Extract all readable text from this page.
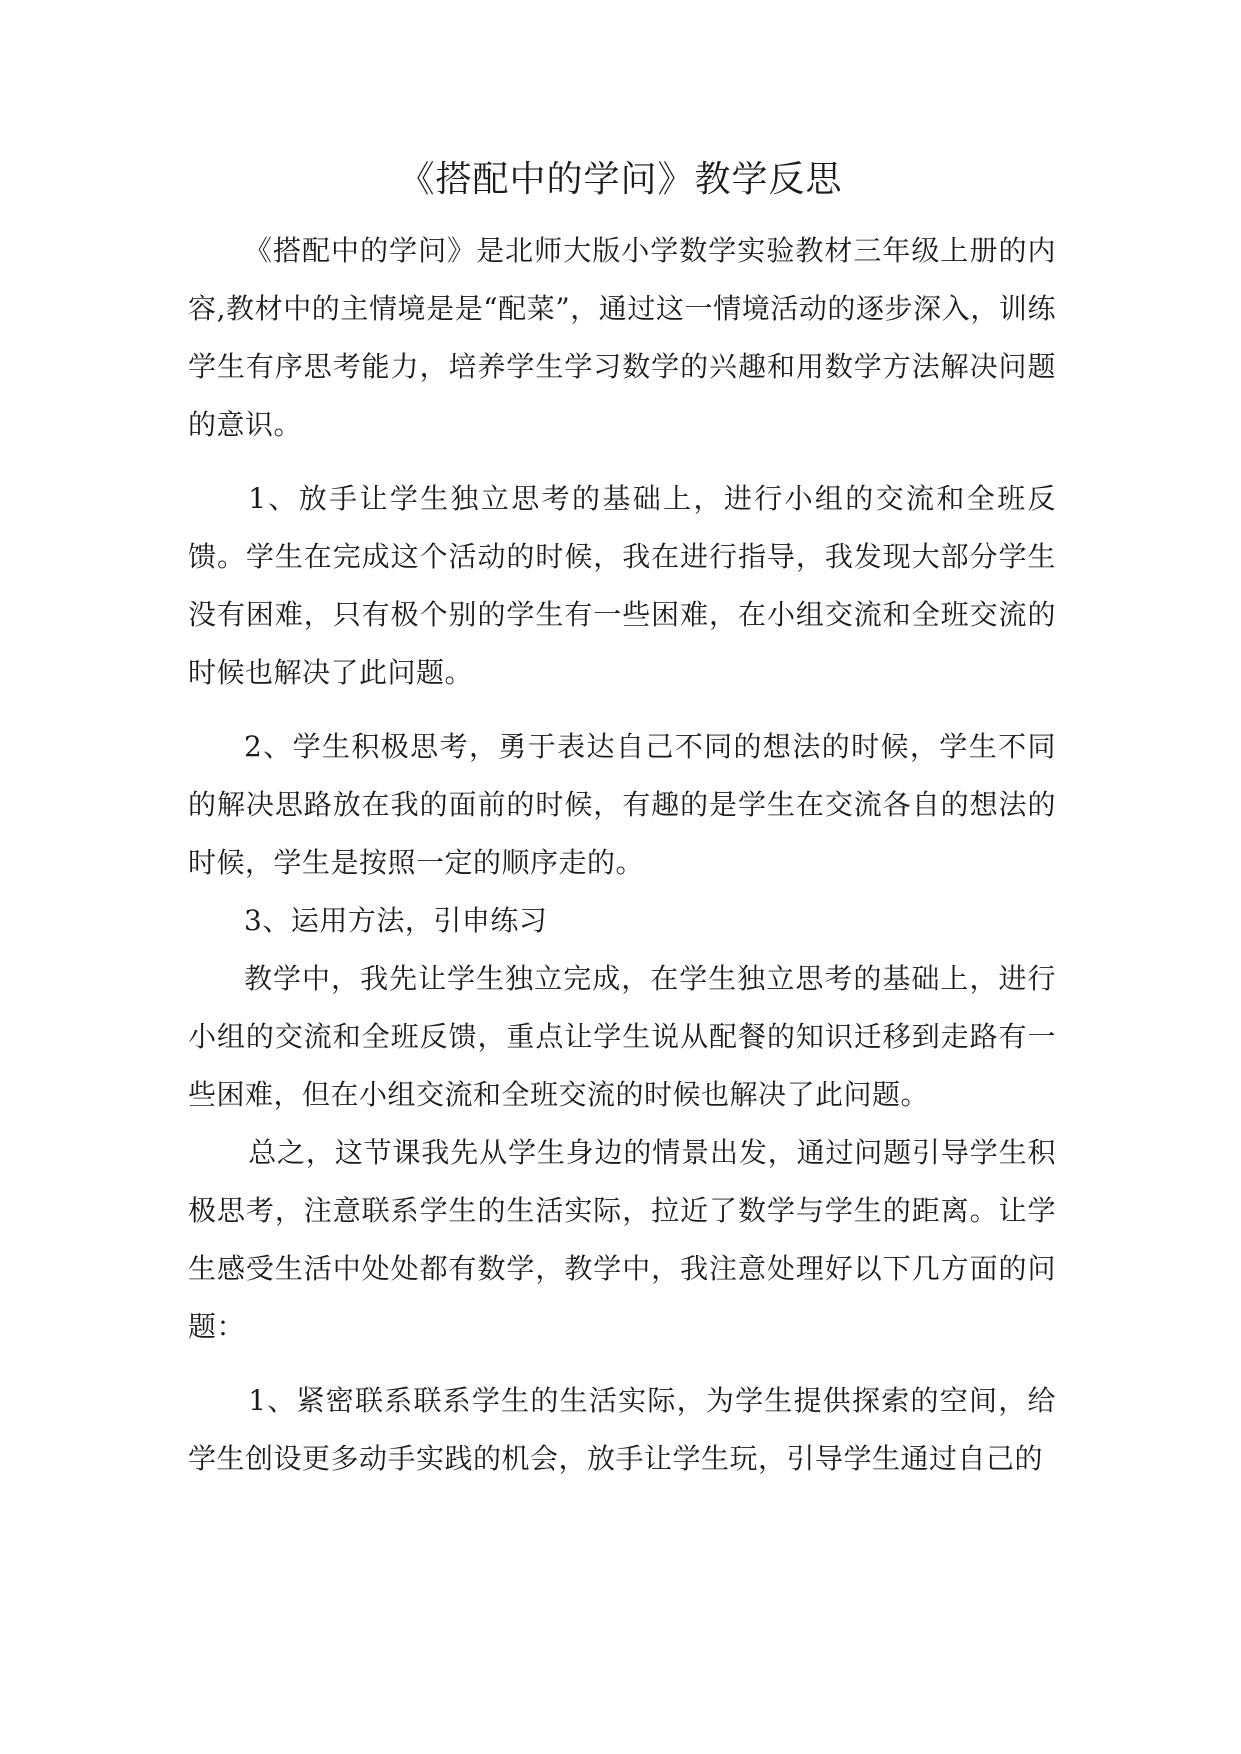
《搭配中的学问》教学反思

《搭配中的学问》是北师大版小学数学实验教材三年级上册的内容,教材中的主情境是是“配菜”，通过这一情境活动的逐步深入，训练学生有序思考能力，培养学生学习数学的兴趣和用数学方法解决问题的意识。

1、放手让学生独立思考的基础上，进行小组的交流和全班反馈。学生在完成这个活动的时候，我在进行指导，我发现大部分学生没有困难，只有极个别的学生有一些困难，在小组交流和全班交流的时候也解决了此问题。

2、学生积极思考，勇于表达自己不同的想法的时候，学生不同的解决思路放在我的面前的时候，有趣的是学生在交流各自的想法的时候，学生是按照一定的顺序走的。

3、运用方法，引申练习

教学中，我先让学生独立完成，在学生独立思考的基础上，进行小组的交流和全班反馈，重点让学生说从配餐的知识迁移到走路有一些困难，但在小组交流和全班交流的时候也解决了此问题。

总之，这节课我先从学生身边的情景出发，通过问题引导学生积极思考，注意联系学生的生活实际，拉近了数学与学生的距离。让学生感受生活中处处都有数学，教学中，我注意处理好以下几方面的问题：

1、紧密联系联系学生的生活实际，为学生提供探索的空间，给学生创设更多动手实践的机会，放手让学生玩，引导学生通过自己的
